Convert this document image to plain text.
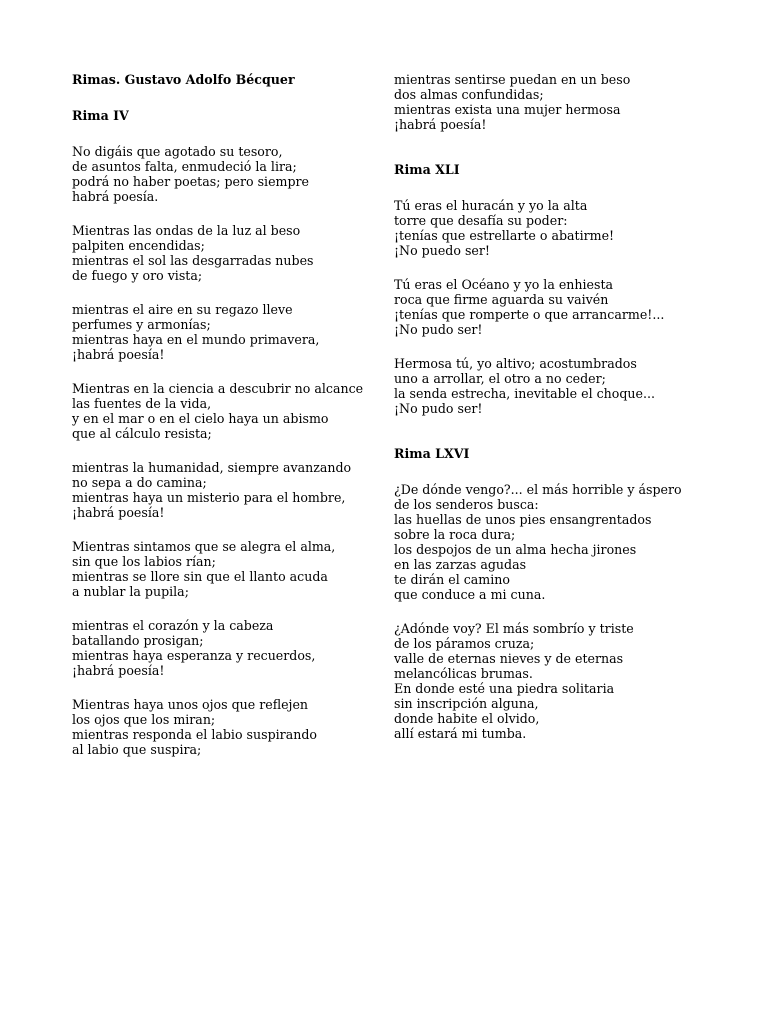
Rimas. Gustavo Adolfo Bécquer
Rima IV
No digáis que agotado su tesoro,
de asuntos falta, enmudeció la lira;
podrá no haber poetas; pero siempre
habrá poesía.
Mientras las ondas de la luz al beso
palpiten encendidas;
mientras el sol las desgarradas nubes
de fuego y oro vista;
mientras el aire en su regazo lleve
perfumes y armonías;
mientras haya en el mundo primavera,
¡habrá poesía!
Mientras en la ciencia a descubrir no alcance
las fuentes de la vida,
y en el mar o en el cielo haya un abismo
que al cálculo resista;
mientras la humanidad, siempre avanzando
no sepa a do camina;
mientras haya un misterio para el hombre,
¡habrá poesía!
Mientras sintamos que se alegra el alma,
sin que los labios rían;
mientras se llore sin que el llanto acuda
a nublar la pupila;
mientras el corazón y la cabeza
batallando prosigan;
mientras haya esperanza y recuerdos,
¡habrá poesía!
Mientras haya unos ojos que reflejen
los ojos que los miran;
mientras responda el labio suspirando
al labio que suspira;
mientras sentirse puedan en un beso
dos almas confundidas;
mientras exista una mujer hermosa
¡habrá poesía!
Rima XLI
Tú eras el huracán y yo la alta
torre que desafía su poder:
¡tenías que estrellarte o abatirme!
¡No puedo ser!
Tú eras el Océano y yo la enhiesta
roca que firme aguarda su vaivén
¡tenías que romperte o que arrancarme!...
¡No pudo ser!
Hermosa tú, yo altivo; acostumbrados
uno a arrollar, el otro a no ceder;
la senda estrecha, inevitable el choque...
¡No pudo ser!
Rima LXVI
¿De dónde vengo?... el más horrible y áspero
de los senderos busca:
las huellas de unos pies ensangrentados
sobre la roca dura;
los despojos de un alma hecha jirones
en las zarzas agudas
te dirán el camino
que conduce a mi cuna.
¿Adónde voy? El más sombrío y triste
de los páramos cruza;
valle de eternas nieves y de eternas
melancólicas brumas.
En donde esté una piedra solitaria
sin inscripción alguna,
donde habite el olvido,
allí estará mi tumba.
